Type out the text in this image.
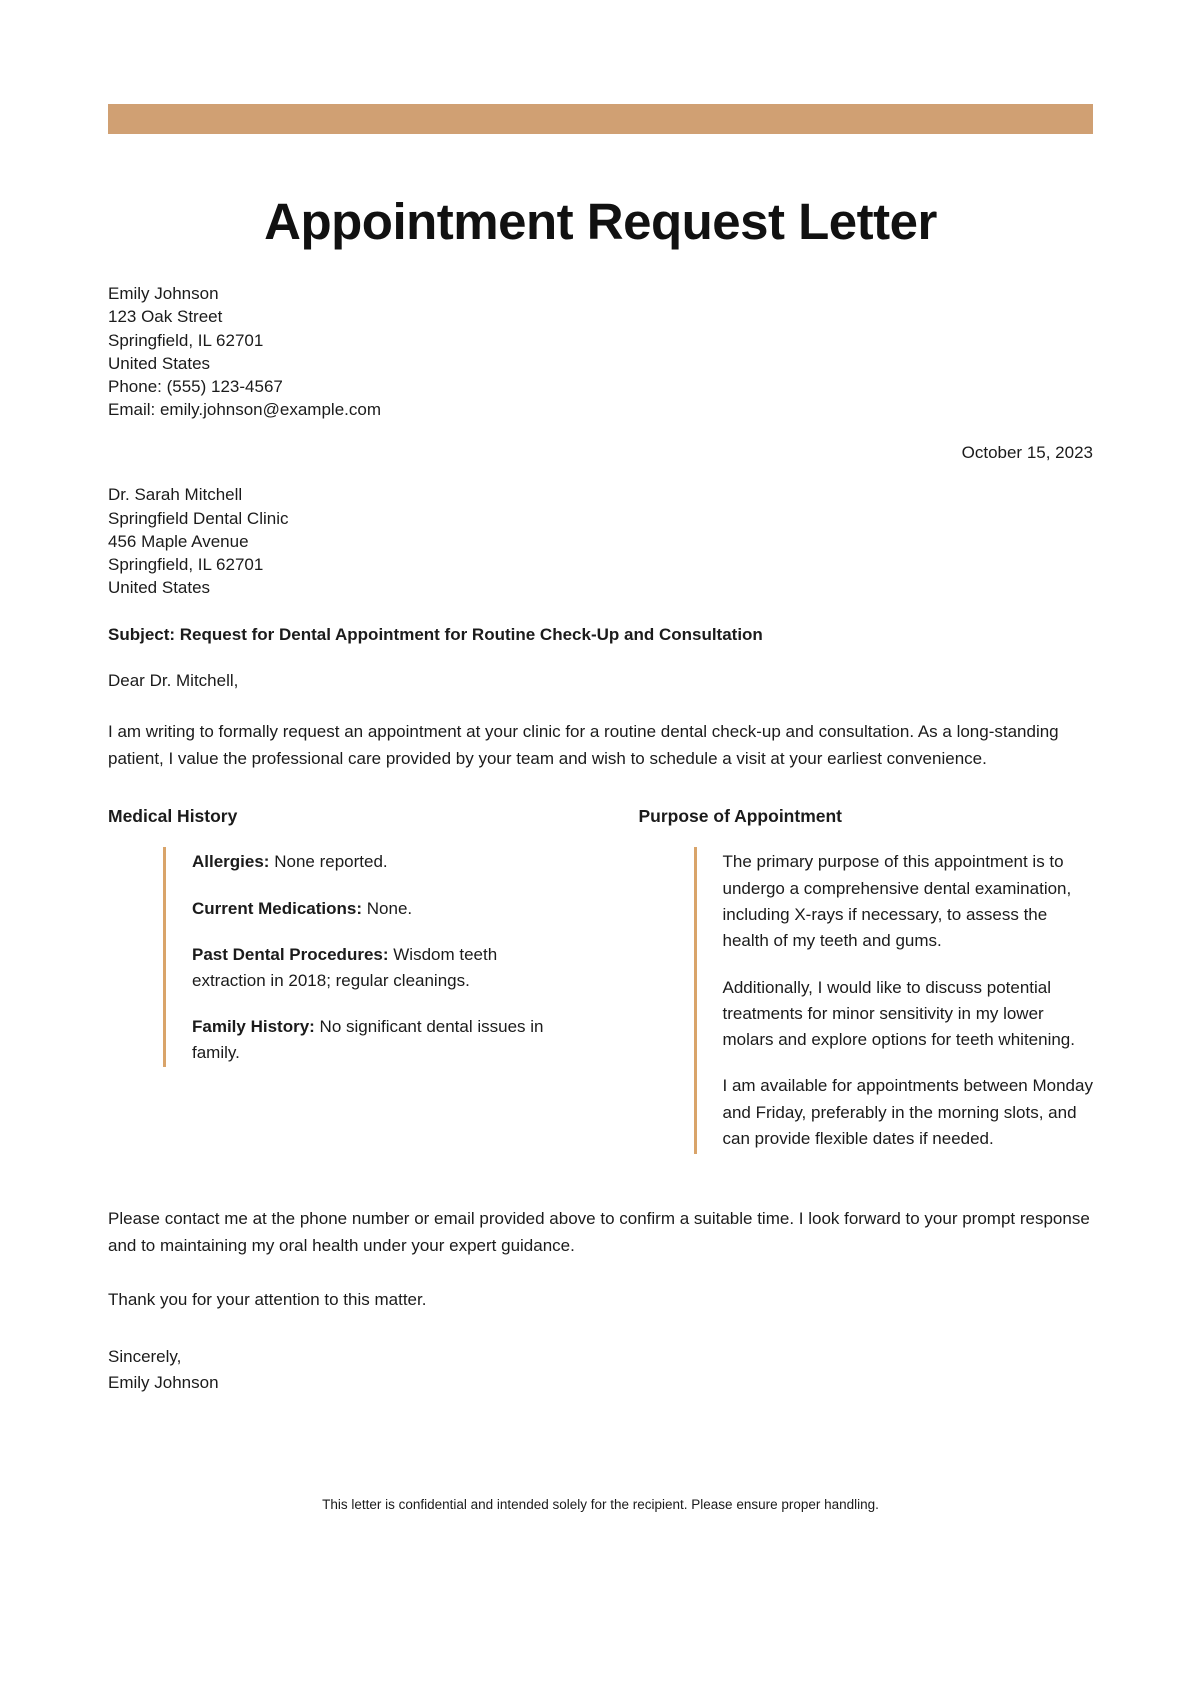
Appointment Request Letter
Emily Johnson
123 Oak Street
Springfield, IL 62701
United States
Phone: (555) 123-4567
Email: emily.johnson@example.com
October 15, 2023
Dr. Sarah Mitchell
Springfield Dental Clinic
456 Maple Avenue
Springfield, IL 62701
United States
Subject: Request for Dental Appointment for Routine Check-Up and Consultation
Dear Dr. Mitchell,

I am writing to formally request an appointment at your clinic for a routine dental check-up and consultation. As a long-standing patient, I value the professional care provided by your team and wish to schedule a visit at your earliest convenience.

Medical History

Allergies: None reported.

Current Medications: None.

Past Dental Procedures: Wisdom teeth extraction in 2018; regular cleanings.

Family History: No significant dental issues in family.

Purpose of Appointment

The primary purpose of this appointment is to undergo a comprehensive dental examination, including X-rays if necessary, to assess the health of my teeth and gums.

Additionally, I would like to discuss potential treatments for minor sensitivity in my lower molars and explore options for teeth whitening.

I am available for appointments between Monday and Friday, preferably in the morning slots, and can provide flexible dates if needed.

Please contact me at the phone number or email provided above to confirm a suitable time. I look forward to your prompt response and to maintaining my oral health under your expert guidance.

Thank you for your attention to this matter.

Sincerely,
Emily Johnson
This letter is confidential and intended solely for the recipient. Please ensure proper handling.
